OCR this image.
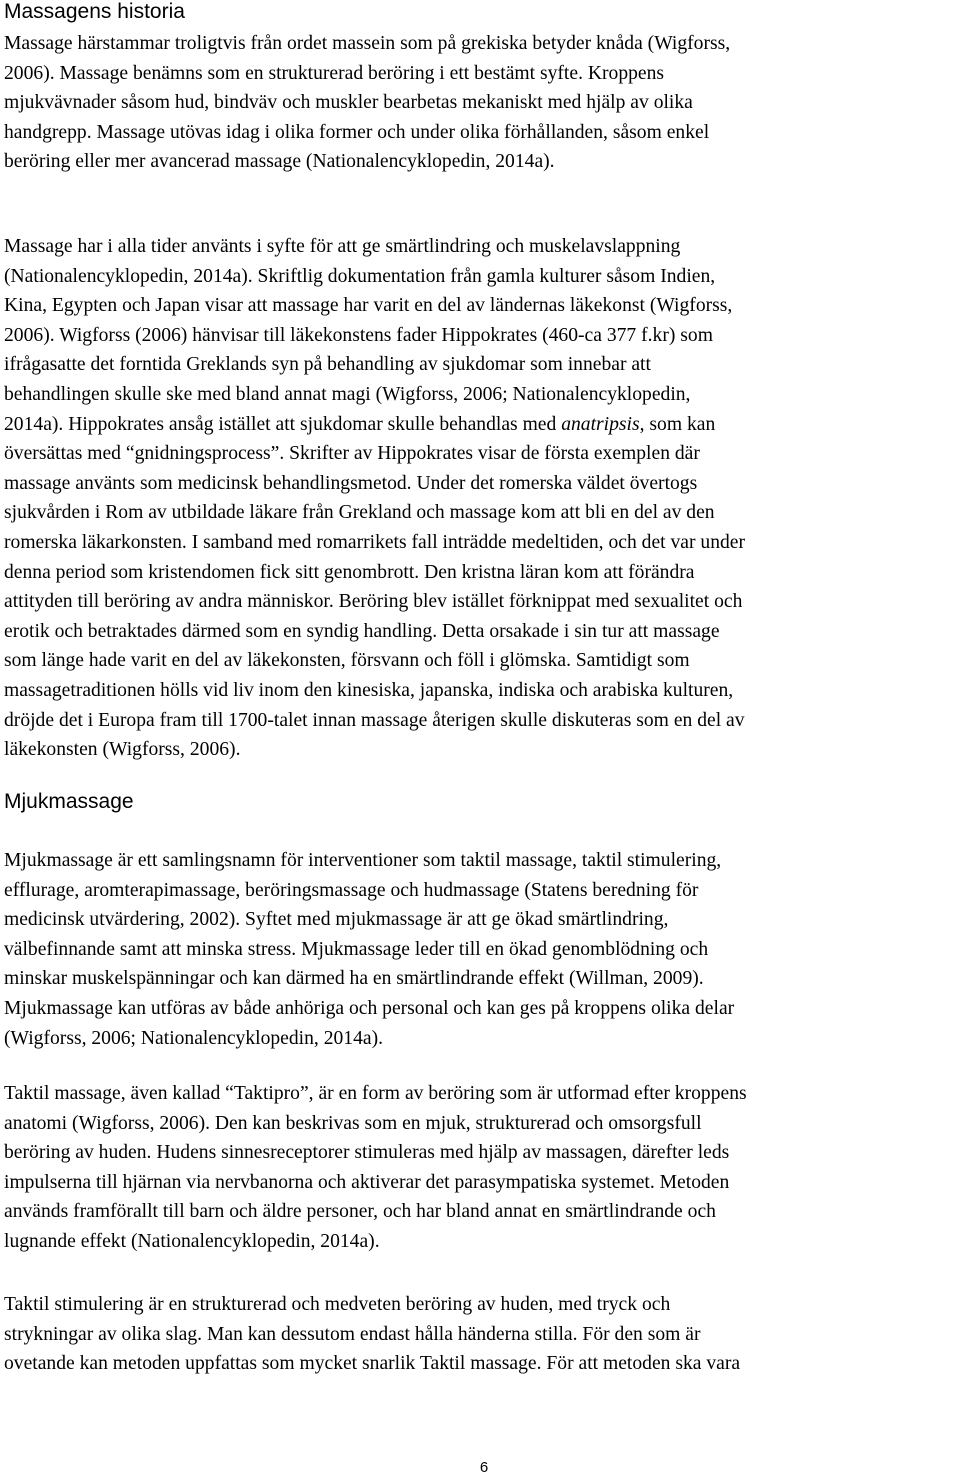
Massagens historia

Massage härstammar troligtvis från ordet massein som på grekiska betyder knåda (Wigforss,
2006). Massage benämns som en strukturerad beröring i ett bestämt syfte. Kroppens
mjukvävnader såsom hud, bindväv och muskler bearbetas mekaniskt med hjälp av olika
handgrepp. Massage utövas idag i olika former och under olika förhållanden, såsom enkel
beröring eller mer avancerad massage (Nationalencyklopedin, 2014a).

Massage har i alla tider använts i syfte för att ge smärtlindring och muskelavslappning
(Nationalencyklopedin, 2014a). Skriftlig dokumentation från gamla kulturer såsom Indien,
Kina, Egypten och Japan visar att massage har varit en del av ländernas läkekonst (Wigforss,
2006). Wigforss (2006) hänvisar till läkekonstens fader Hippokrates (460-ca 377 f.kr) som
ifrågasatte det forntida Greklands syn på behandling av sjukdomar som innebar att
behandlingen skulle ske med bland annat magi (Wigforss, 2006; Nationalencyklopedin,
2014a). Hippokrates ansåg istället att sjukdomar skulle behandlas med anatripsis, som kan
översättas med “gnidningsprocess”. Skrifter av Hippokrates visar de första exemplen där
massage använts som medicinsk behandlingsmetod. Under det romerska väldet övertogs
sjukvården i Rom av utbildade läkare från Grekland och massage kom att bli en del av den
romerska läkarkonsten. I samband med romarrikets fall inträdde medeltiden, och det var under
denna period som kristendomen fick sitt genombrott. Den kristna läran kom att förändra
attityden till beröring av andra människor. Beröring blev istället förknippat med sexualitet och
erotik och betraktades därmed som en syndig handling. Detta orsakade i sin tur att massage
som länge hade varit en del av läkekonsten, försvann och föll i glömska. Samtidigt som
massagetraditionen hölls vid liv inom den kinesiska, japanska, indiska och arabiska kulturen,
dröjde det i Europa fram till 1700-talet innan massage återigen skulle diskuteras som en del av
läkekonsten (Wigforss, 2006).

Mjukmassage

Mjukmassage är ett samlingsnamn för interventioner som taktil massage, taktil stimulering,
efflurage, aromterapimassage, beröringsmassage och hudmassage (Statens beredning för
medicinsk utvärdering, 2002). Syftet med mjukmassage är att ge ökad smärtlindring,
välbefinnande samt att minska stress. Mjukmassage leder till en ökad genomblödning och
minskar muskelspänningar och kan därmed ha en smärtlindrande effekt (Willman, 2009).
Mjukmassage kan utföras av både anhöriga och personal och kan ges på kroppens olika delar
(Wigforss, 2006; Nationalencyklopedin, 2014a).

Taktil massage, även kallad “Taktipro”, är en form av beröring som är utformad efter kroppens
anatomi (Wigforss, 2006). Den kan beskrivas som en mjuk, strukturerad och omsorgsfull
beröring av huden. Hudens sinnesreceptorer stimuleras med hjälp av massagen, därefter leds
impulserna till hjärnan via nervbanorna och aktiverar det parasympatiska systemet. Metoden
används framförallt till barn och äldre personer, och har bland annat en smärtlindrande och
lugnande effekt (Nationalencyklopedin, 2014a).

Taktil stimulering är en strukturerad och medveten beröring av huden, med tryck och
strykningar av olika slag. Man kan dessutom endast hålla händerna stilla. För den som är
ovetande kan metoden uppfattas som mycket snarlik Taktil massage. För att metoden ska vara

6
